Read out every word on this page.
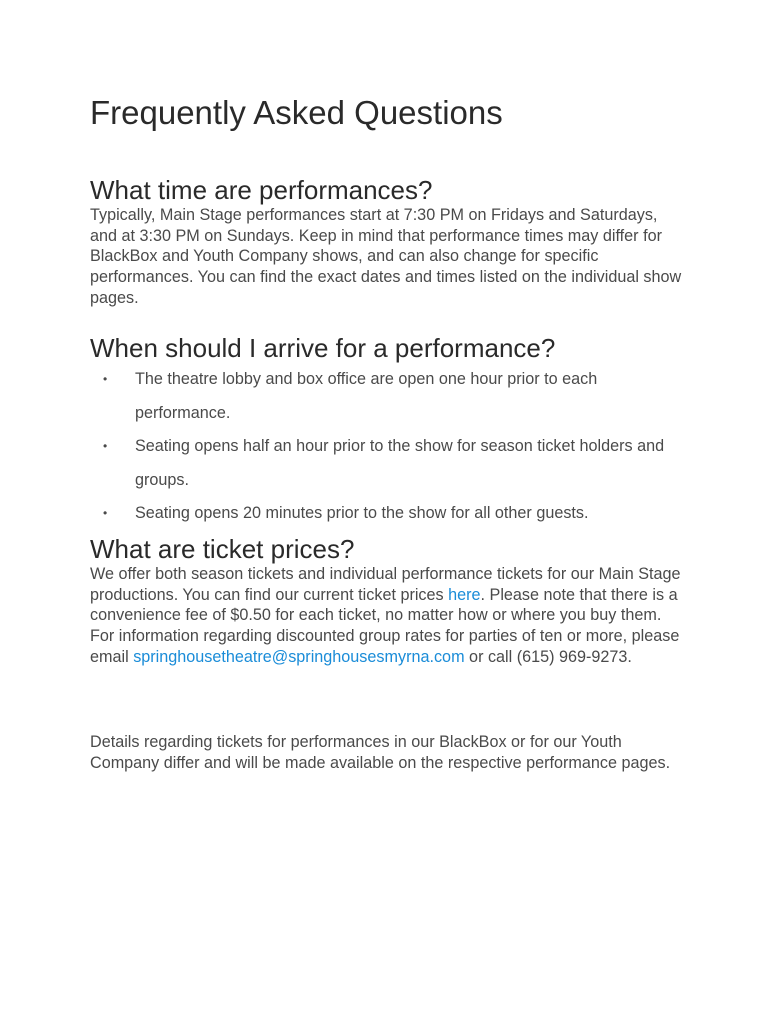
Frequently Asked Questions
What time are performances?

Typically, Main Stage performances start at 7:30 PM on Fridays and Saturdays, and at 3:30 PM on Sundays. Keep in mind that performance times may differ for BlackBox and Youth Company shows, and can also change for specific performances. You can find the exact dates and times listed on the individual show pages.

When should I arrive for a performance?
• The theatre lobby and box office are open one hour prior to each performance.
• Seating opens half an hour prior to the show for season ticket holders and groups.
• Seating opens 20 minutes prior to the show for all other guests.
What are ticket prices?

We offer both season tickets and individual performance tickets for our Main Stage productions. You can find our current ticket prices here. Please note that there is a convenience fee of $0.50 for each ticket, no matter how or where you buy them. For information regarding discounted group rates for parties of ten or more, please
email springhousetheatre@springhousesmyrna.com or call (615) 969-9273.

Details regarding tickets for performances in our BlackBox or for our Youth Company differ and will be made available on the respective performance pages.
